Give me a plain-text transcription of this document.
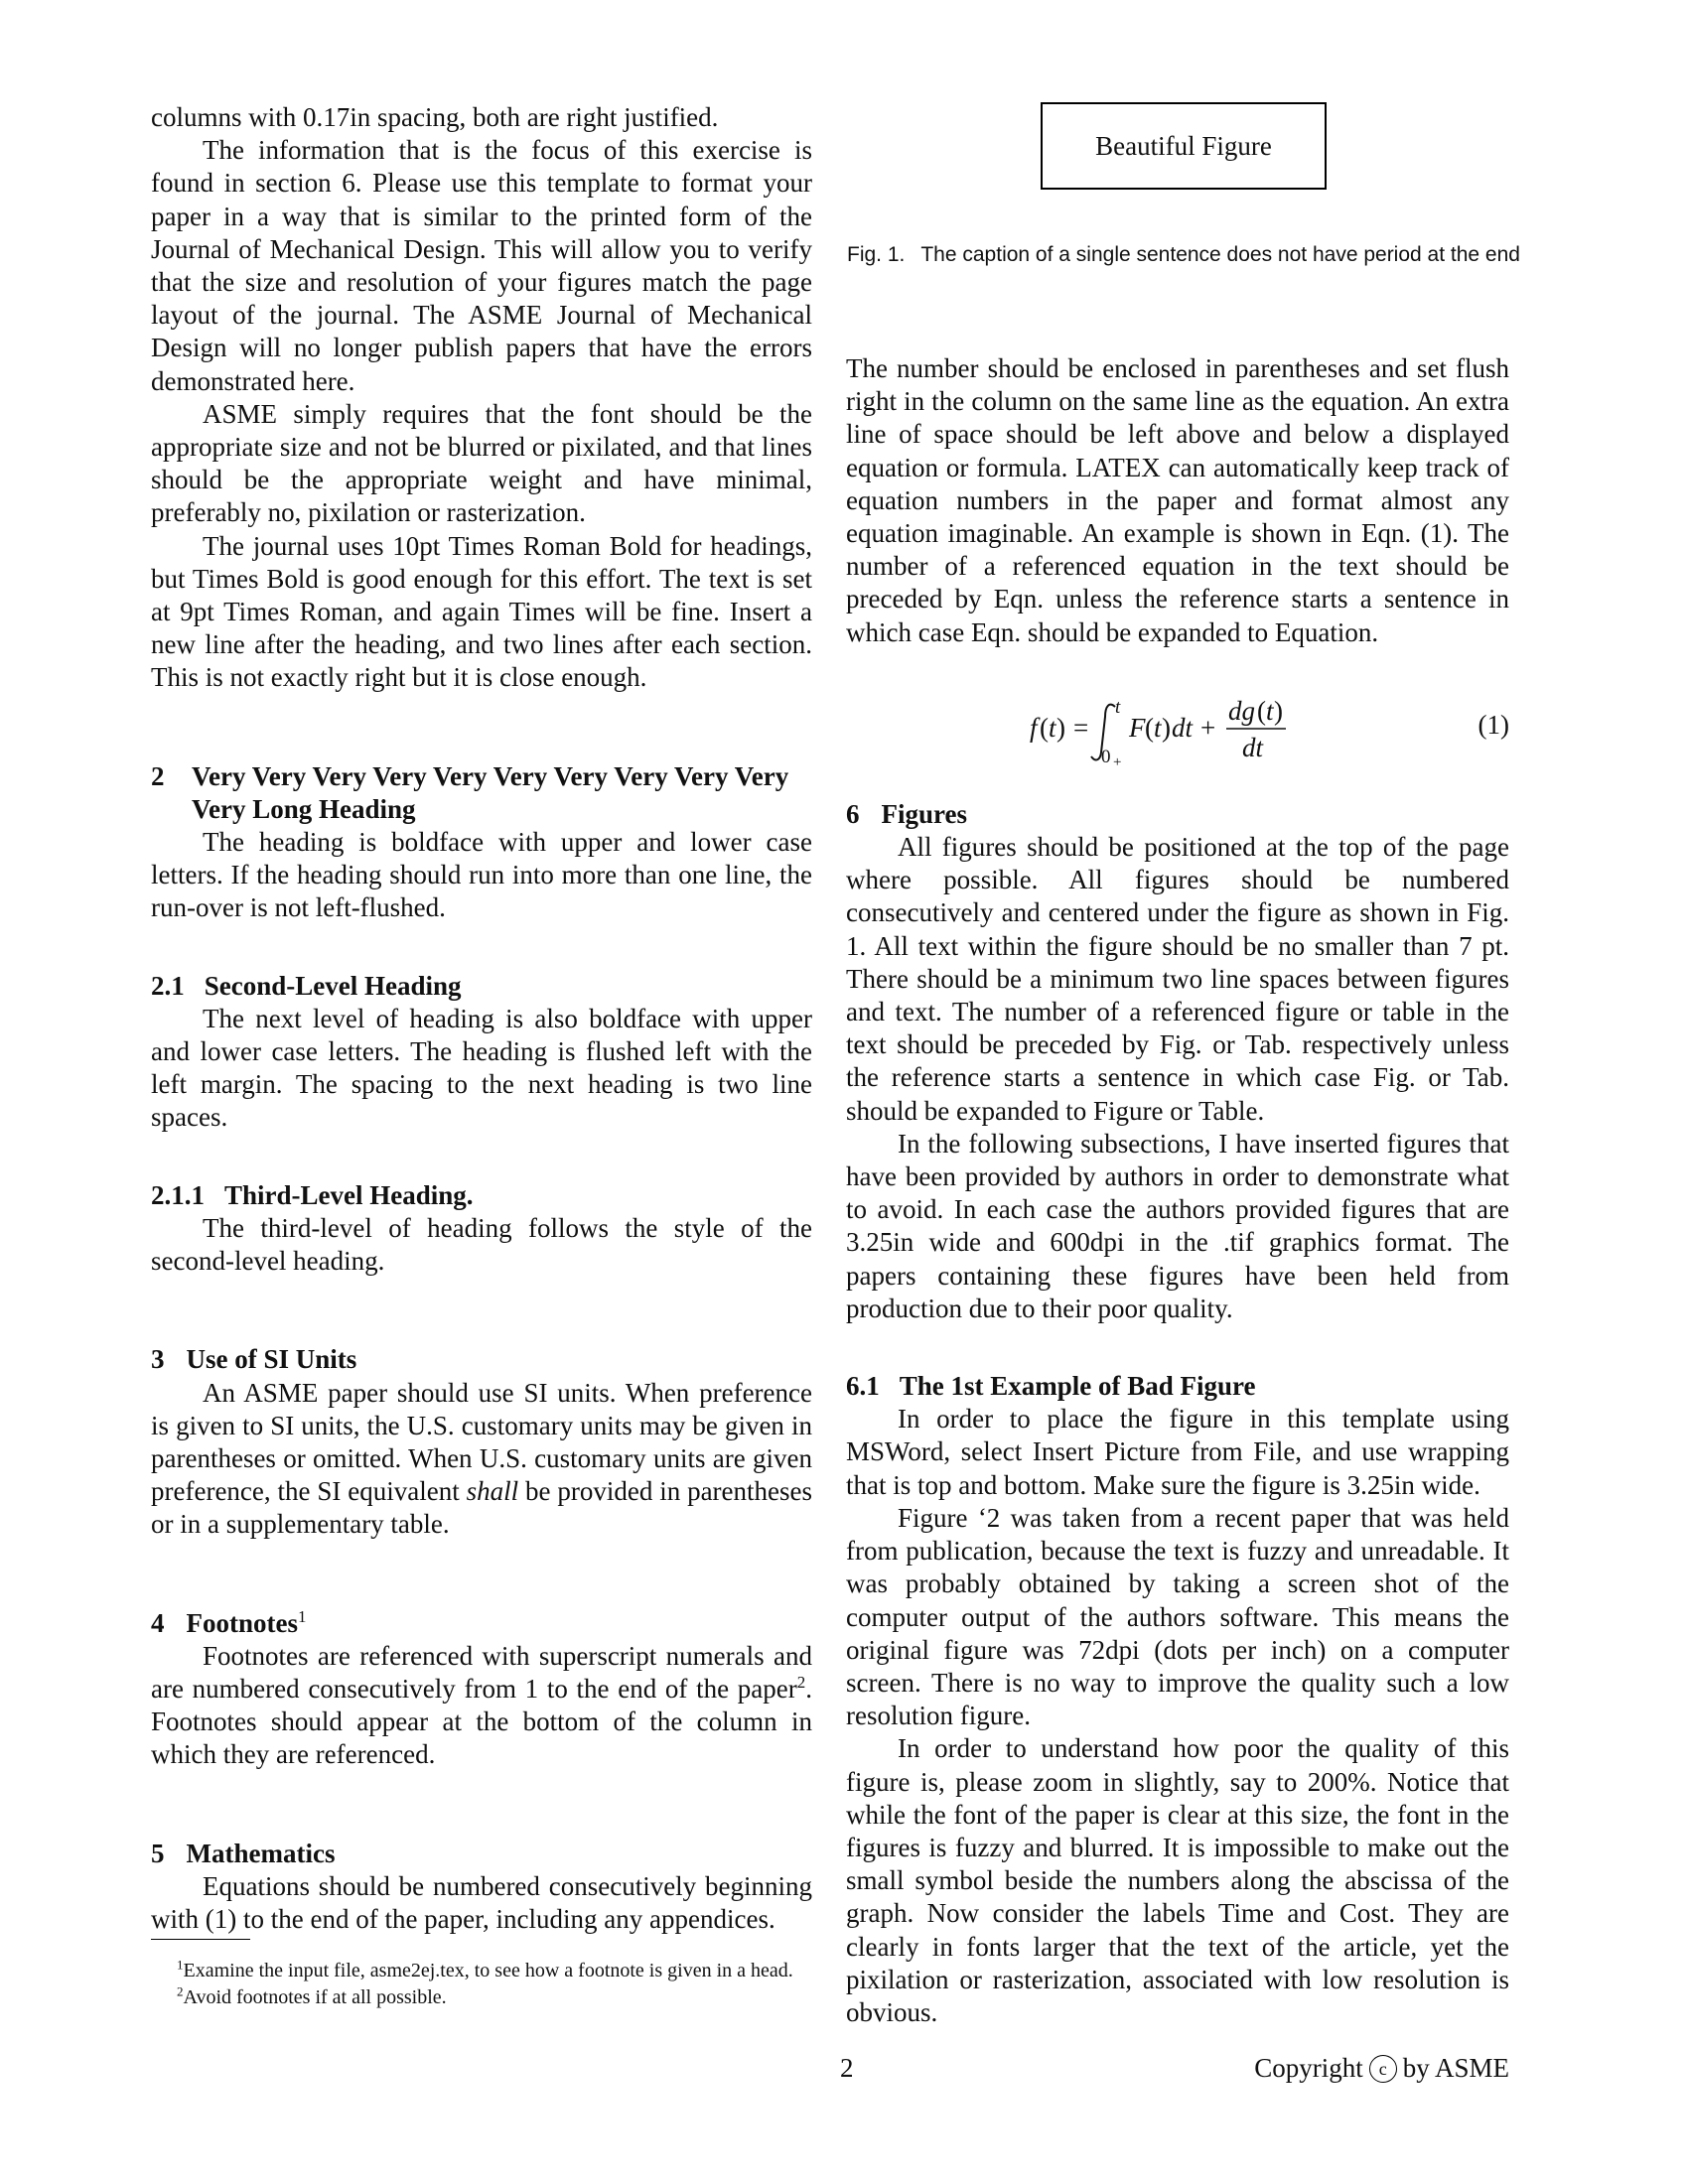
columns with 0.17in spacing, both are right justified.

The information that is the focus of this exercise is found in section 6. Please use this template to format your paper in a way that is similar to the printed form of the Journal of Mechanical Design. This will allow you to verify that the size and resolution of your figures match the page layout of the journal. The ASME Journal of Mechanical Design will no longer publish papers that have the errors demonstrated here.

ASME simply requires that the font should be the appropriate size and not be blurred or pixilated, and that lines should be the appropriate weight and have minimal, preferably no, pixilation or rasterization.

The journal uses 10pt Times Roman Bold for headings, but Times Bold is good enough for this effort. The text is set at 9pt Times Roman, and again Times will be fine. Insert a new line after the heading, and two lines after each section. This is not exactly right but it is close enough.

2	Very Very Very Very Very Very Very Very Very Very Very Long Heading

The heading is boldface with upper and lower case letters. If the heading should run into more than one line, the run-over is not left-flushed.

2.1 Second-Level Heading

The next level of heading is also boldface with upper and lower case letters. The heading is flushed left with the left margin. The spacing to the next heading is two line spaces.

2.1.1 Third-Level Heading.

The third-level of heading follows the style of the second-level heading.

3 Use of SI Units

An ASME paper should use SI units. When preference is given to SI units, the U.S. customary units may be given in parentheses or omitted. When U.S. customary units are given preference, the SI equivalent shall be provided in parentheses or in a supplementary table.

4 Footnotes$^1$

Footnotes are referenced with superscript numerals and are numbered consecutively from 1 to the end of the paper$^2$. Footnotes should appear at the bottom of the column in which they are referenced.

5 Mathematics

Equations should be numbered consecutively beginning with (1) to the end of the paper, including any appendices.

$^1$Examine the input file, asme2ej.tex, to see how a footnote is given in a head.

$^2$Avoid footnotes if at all possible.

Beautiful Figure
Fig. 1. The caption of a single sentence does not have period at the end

The number should be enclosed in parentheses and set flush right in the column on the same line as the equation. An extra line of space should be left above and below a displayed equation or formula. LATEX can automatically keep track of equation numbers in the paper and format almost any equation imaginable. An example is shown in Eqn. (1). The number of a referenced equation in the text should be preceded by Eqn. unless the reference starts a sentence in which case Eqn. should be expanded to Equation.

f ( t ) =
t
0 +
F ( t ) dt +
dg ( t )
dt
(1)
6 Figures

All figures should be positioned at the top of the page where possible. All figures should be numbered consecutively and centered under the figure as shown in Fig. 1. All text within the figure should be no smaller than 7 pt. There should be a minimum two line spaces between figures and text. The number of a referenced figure or table in the text should be preceded by Fig. or Tab. respectively unless the reference starts a sentence in which case Fig. or Tab. should be expanded to Figure or Table.

In the following subsections, I have inserted figures that have been provided by authors in order to demonstrate what to avoid. In each case the authors provided figures that are 3.25in wide and 600dpi in the .tif graphics format. The papers containing these figures have been held from production due to their poor quality.

6.1 The 1st Example of Bad Figure

In order to place the figure in this template using MSWord, select Insert Picture from File, and use wrapping that is top and bottom. Make sure the figure is 3.25in wide.

Figure ‘2 was taken from a recent paper that was held from publication, because the text is fuzzy and unreadable. It was probably obtained by taking a screen shot of the computer output of the authors software. This means the original figure was 72dpi (dots per inch) on a computer screen. There is no way to improve the quality such a low resolution figure.

In order to understand how poor the quality of this figure is, please zoom in slightly, say to 200%. Notice that while the font of the paper is clear at this size, the font in the figures is fuzzy and blurred. It is impossible to make out the small symbol beside the numbers along the abscissa of the graph. Now consider the labels Time and Cost. They are clearly in fonts larger that the text of the article, yet the pixilation or rasterization, associated with low resolution is obvious.

2	Copyright c by ASME
